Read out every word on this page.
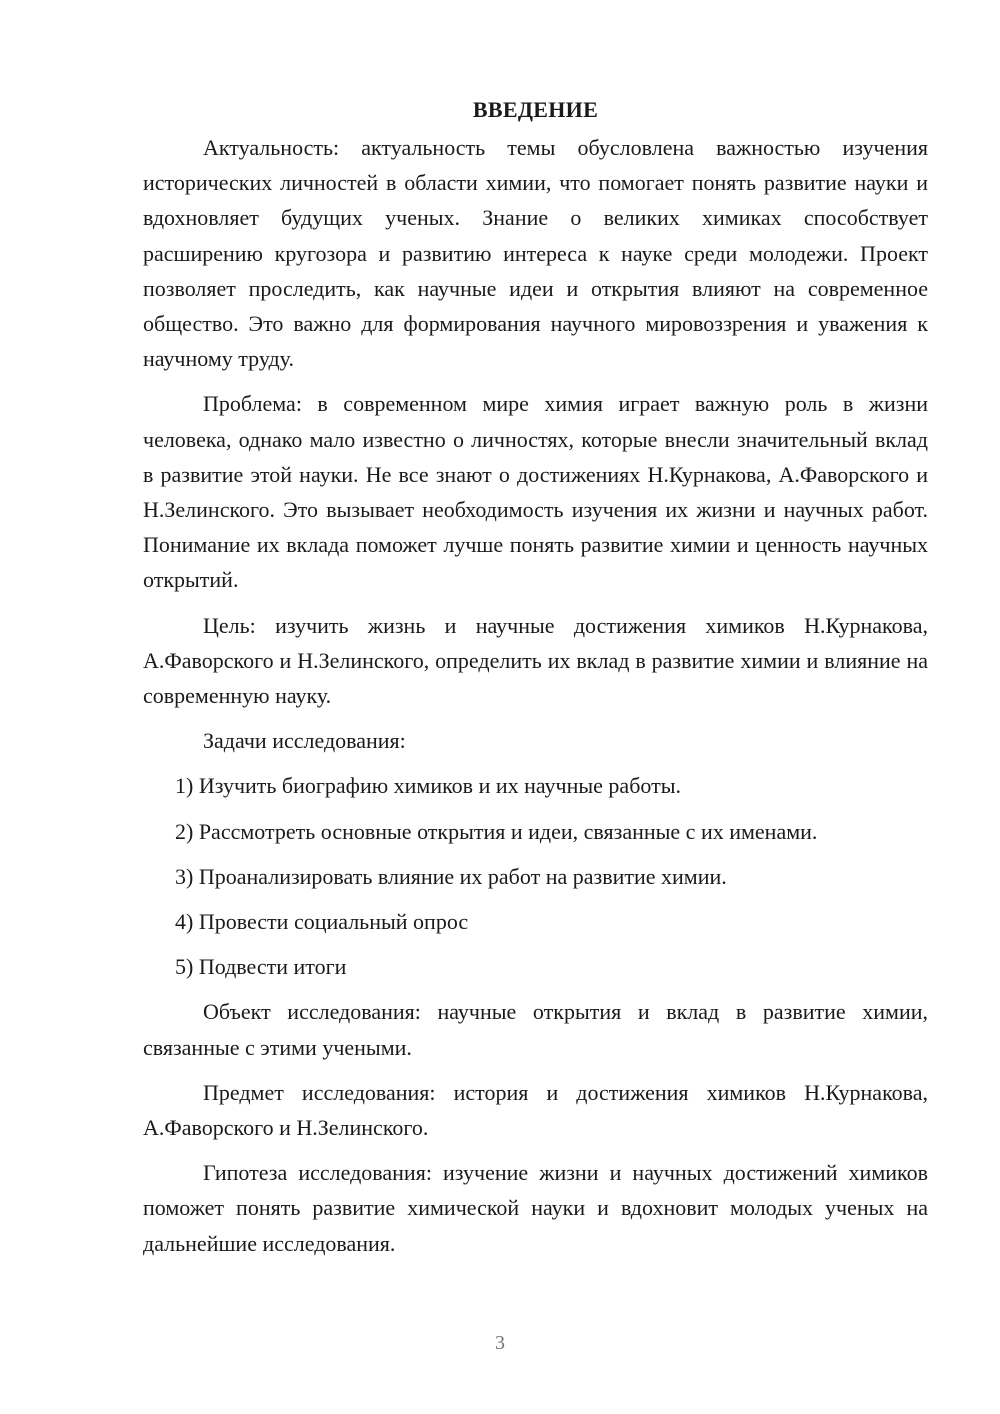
ВВЕДЕНИЕ

Актуальность: актуальность темы обусловлена важностью изучения исторических личностей в области химии, что помогает понять развитие науки и вдохновляет будущих ученых. Знание о великих химиках способствует расширению кругозора и развитию интереса к науке среди молодежи. Проект позволяет проследить, как научные идеи и открытия влияют на современное общество. Это важно для формирования научного мировоззрения и уважения к научному труду.

Проблема: в современном мире химия играет важную роль в жизни человека, однако мало известно о личностях, которые внесли значительный вклад в развитие этой науки. Не все знают о достижениях Н.Курнакова, А.Фаворского и Н.Зелинского. Это вызывает необходимость изучения их жизни и научных работ. Понимание их вклада поможет лучше понять развитие химии и ценность научных открытий.

Цель: изучить жизнь и научные достижения химиков Н.Курнакова, А.Фаворского и Н.Зелинского, определить их вклад в развитие химии и влияние на современную науку.

Задачи исследования:

1) Изучить биографию химиков и их научные работы.
2) Рассмотреть основные открытия и идеи, связанные с их именами.
3) Проанализировать влияние их работ на развитие химии.
4) Провести социальный опрос
5) Подвести итоги

Объект исследования: научные открытия и вклад в развитие химии, связанные с этими учеными.

Предмет исследования: история и достижения химиков Н.Курнакова, А.Фаворского и Н.Зелинского.

Гипотеза исследования: изучение жизни и научных достижений химиков поможет понять развитие химической науки и вдохновит молодых ученых на дальнейшие исследования.

3
